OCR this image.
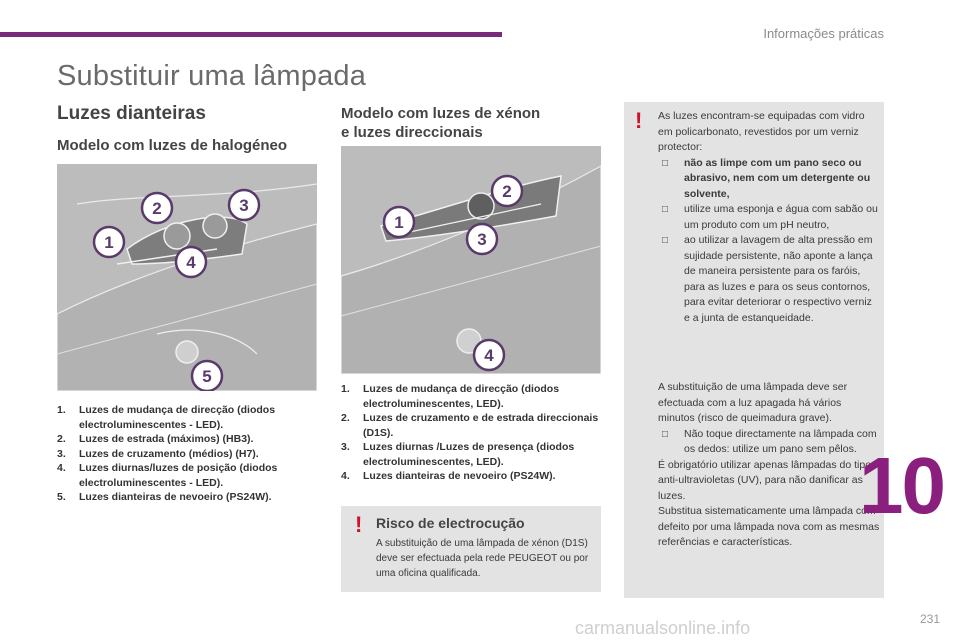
Informações práticas
Substituir uma lâmpada
Luzes dianteiras
Modelo com luzes de halogéneo
1
2	3
4
5
1.	Luzes de mudança de direcção (diodos electroluminescentes - LED).
2.	Luzes de estrada (máximos) (HB3).
3.	Luzes de cruzamento (médios) (H7).
4.	Luzes diurnas/luzes de posição (diodos electroluminescentes - LED).
5.	Luzes dianteiras de nevoeiro (PS24W).
Modelo com luzes de xénon
e luzes direccionais
1
2
3
4
1.	Luzes de mudança de direcção (diodos electroluminescentes, LED).
2.	Luzes de cruzamento e de estrada direccionais (D1S).
3.	Luzes diurnas /Luzes de presença (diodos electroluminescentes, LED).
4.	Luzes dianteiras de nevoeiro (PS24W).
! Risco de electrocução
A substituição de uma lâmpada de xénon (D1S) deve ser efectuada pela rede PEUGEOT ou por uma oficina qualificada.
! As luzes encontram-se equipadas com vidro em policarbonato, revestidos por um verniz protector:
□ não as limpe com um pano seco ou abrasivo, nem com um detergente ou solvente,
□ utilize uma esponja e água com sabão ou um produto com um pH neutro,
□ ao utilizar a lavagem de alta pressão em sujidade persistente, não aponte a lança de maneira persistente para os faróis, para as luzes e para os seus contornos, para evitar deteriorar o respectivo verniz e a junta de estanqueidade.
A substituição de uma lâmpada deve ser efectuada com a luz apagada há vários minutos (risco de queimadura grave).
□ Não toque directamente na lâmpada com os dedos: utilize um pano sem pêlos.
É obrigatório utilizar apenas lâmpadas do tipo anti-ultravioletas (UV), para não danificar as luzes.
Substitua sistematicamente uma lâmpada com defeito por uma lâmpada nova com as mesmas referências e características.
10
carmanualsonline.info	231
